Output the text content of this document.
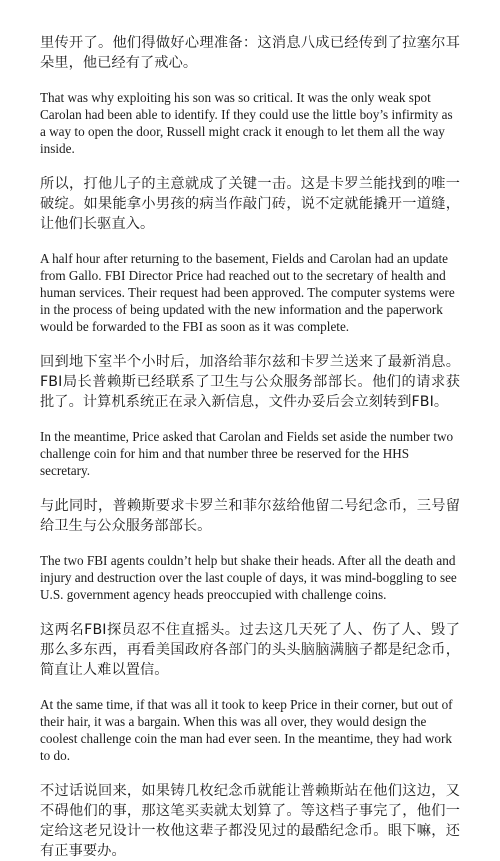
里传开了。他们得做好心理准备：这消息八成已经传到了拉塞尔耳朵里，他已经有了戒心。

That was why exploiting his son was so critical. It was the only weak spot Carolan had been able to identify. If they could use the little boy’s infirmity as a way to open the door, Russell might crack it enough to let them all the way inside.

所以，打他儿子的主意就成了关键一击。这是卡罗兰能找到的唯一破绽。如果能拿小男孩的病当作敲门砖，说不定就能撬开一道缝，让他们长驱直入。

A half hour after returning to the basement, Fields and Carolan had an update from Gallo. FBI Director Price had reached out to the secretary of health and human services. Their request had been approved. The computer systems were in the process of being updated with the new information and the paperwork would be forwarded to the FBI as soon as it was complete.

回到地下室半个小时后，加洛给菲尔兹和卡罗兰送来了最新消息。FBI局长普赖斯已经联系了卫生与公众服务部部长。他们的请求获批了。计算机系统正在录入新信息，文件办妥后会立刻转到FBI。

In the meantime, Price asked that Carolan and Fields set aside the number two challenge coin for him and that number three be reserved for the HHS secretary.

与此同时，普赖斯要求卡罗兰和菲尔兹给他留二号纪念币，三号留给卫生与公众服务部部长。

The two FBI agents couldn’t help but shake their heads. After all the death and injury and destruction over the last couple of days, it was mind-boggling to see U.S. government agency heads preoccupied with challenge coins.

这两名FBI探员忍不住直摇头。过去这几天死了人、伤了人、毁了那么多东西，再看美国政府各部门的头头脑脑满脑子都是纪念币，简直让人难以置信。

At the same time, if that was all it took to keep Price in their corner, but out of their hair, it was a bargain. When this was all over, they would design the coolest challenge coin the man had ever seen. In the meantime, they had work to do.

不过话说回来，如果铸几枚纪念币就能让普赖斯站在他们这边，又不碍他们的事，那这笔买卖就太划算了。等这档子事完了，他们一定给这老兄设计一枚他这辈子都没见过的最酷纪念币。眼下嘛，还有正事要办。
